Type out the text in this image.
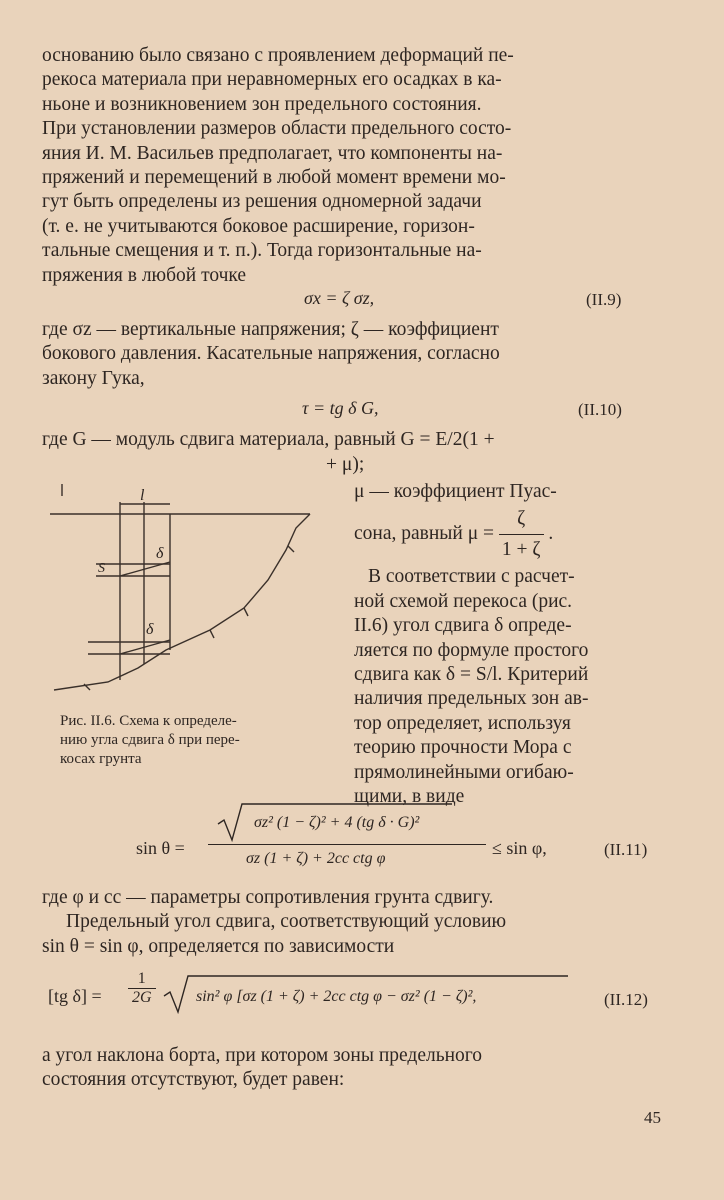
основанию было связано с проявлением деформаций пе-
рекоса материала при неравномерных его осадках в ка-
ньоне и возникновением зон предельного состояния.
При установлении размеров области предельного состо-
яния И. М. Васильев предполагает, что компоненты на-
пряжений и перемещений в любой момент времени мо-
гут быть определены из решения одномерной задачи
(т. е. не учитываются боковое расширение, горизон-
тальные смещения и т. п.). Тогда горизонтальные на-
пряжения в любой точке
σx = ζ σz,	(II.9)
где σz — вертикальные напряжения; ζ — коэффициент
бокового давления. Касательные напряжения, согласно
закону Гука,
τ = tg δ G,	(II.10)
где G — модуль сдвига материала, равный G = E/2(1 +
+ μ);
μ — коэффициент Пуас-
сона, равный $\mu = \frac{\zeta}{1 + \zeta}$ .
В соответствии с расчет-
ной схемой перекоса (рис.
II.6) угол сдвига δ опреде-
ляется по формуле простого
сдвига как δ = S/l. Критерий
наличия предельных зон ав-
тор определяет, используя
теорию прочности Мора с
прямолинейными огибаю-
щими, в виде
l
δ
δ
S
Рис. II.6. Схема к определе-
нию угла сдвига δ при пере-
косах грунта
sin θ =
σz² (1 − ζ)² + 4 (tg δ · G)²
σz (1 + ζ) + 2cc ctg φ
≤ sin φ,	(II.11)
где φ и cc — параметры сопротивления грунта сдвигу.
Предельный угол сдвига, соответствующий условию
sin θ = sin φ, определяется по зависимости
[tg δ] =
1
2G	sin² φ [σz (1 + ζ) + 2cc ctg φ − σz² (1 − ζ)²,	(II.12)
а угол наклона борта, при котором зоны предельного
состояния отсутствуют, будет равен:
45
